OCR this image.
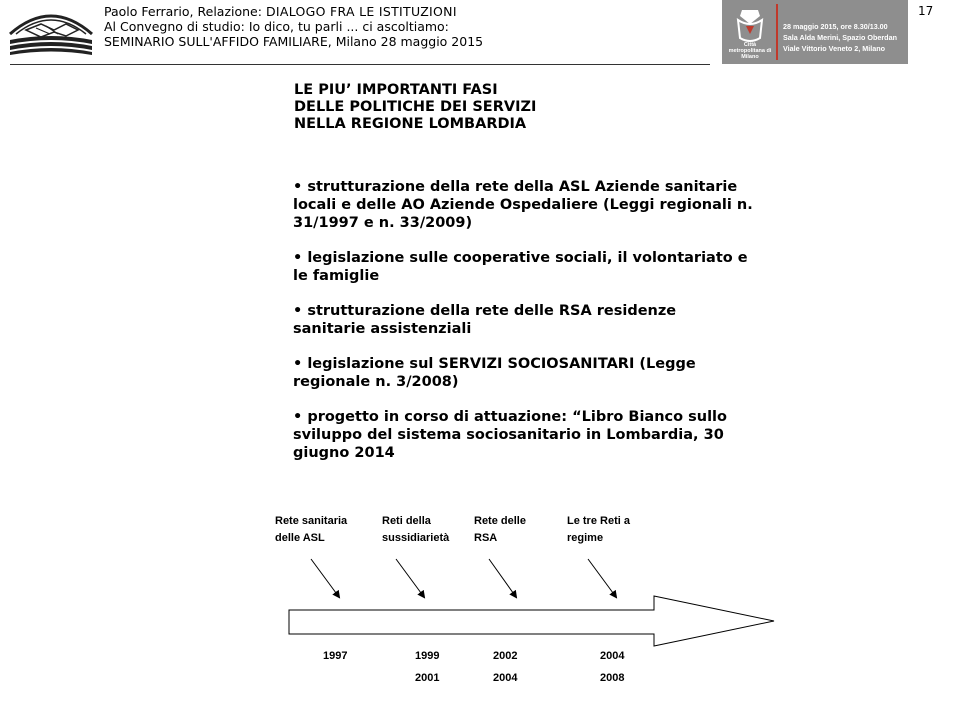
Paolo Ferrario, Relazione: DIALOGO FRA LE ISTITUZIONI
Al Convegno di studio: Io dico, tu parli ... ci ascoltiamo:
SEMINARIO SULL'AFFIDO FAMILIARE, Milano 28 maggio 2015	Città metropolitana di Milano
28 maggio 2015, ore 8.30/13.00
Sala Alda Merini, Spazio Oberdan
Viale Vittorio Veneto 2, Milano
17
LE PIU’ IMPORTANTI FASI
DELLE POLITICHE DEI SERVIZI
NELLA REGIONE LOMBARDIA
• strutturazione della rete della ASL Aziende sanitarie locali e delle AO Aziende Ospedaliere (Leggi regionali n. 31/1997 e n. 33/2009)
• legislazione sulle cooperative sociali, il volontariato e le famiglie
• strutturazione della rete delle RSA residenze sanitarie assistenziali
• legislazione sul SERVIZI SOCIOSANITARI (Legge regionale n. 3/2008)
• progetto in corso di attuazione: “Libro Bianco sullo sviluppo del sistema sociosanitario in Lombardia, 30 giugno 2014
Rete sanitaria
delle ASL
Reti della
sussidiarietà
Rete delle
RSA
Le tre Reti a
regime
1997	1999
2001
2002
2004
2004
2008
